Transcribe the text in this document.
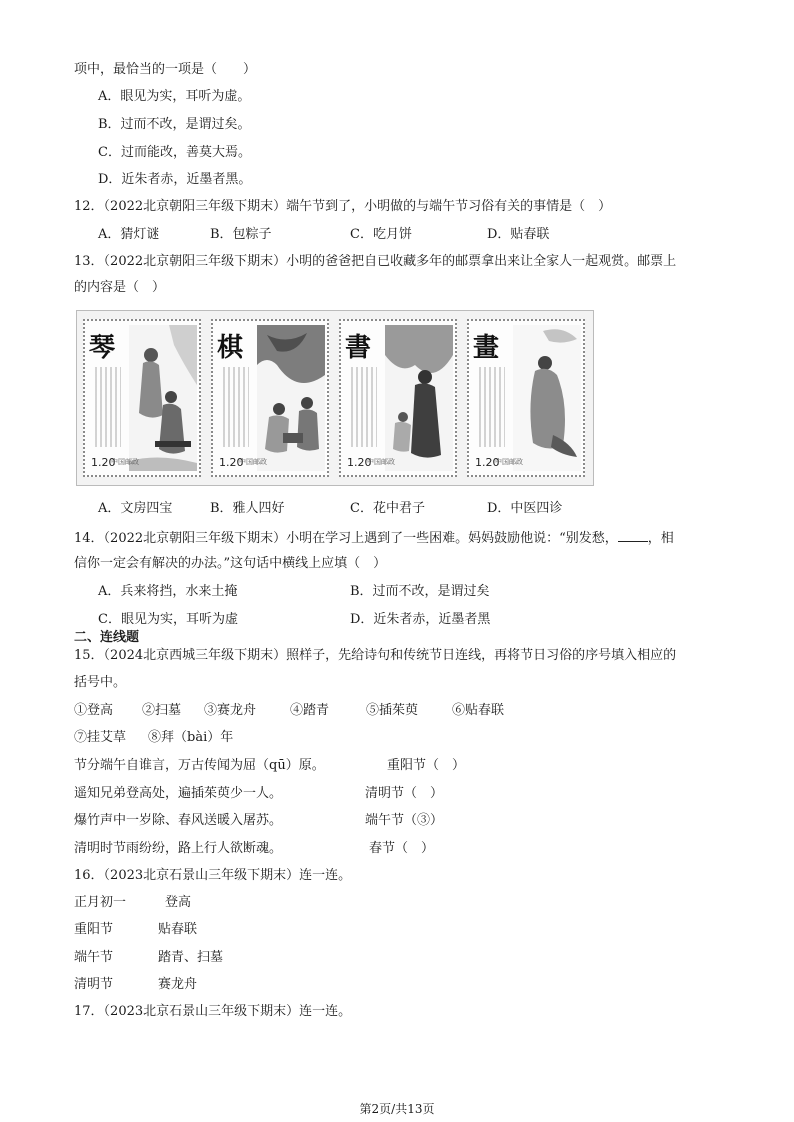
项中，最恰当的一项是（　　）
A．眼见为实，耳听为虚。
B．过而不改，是谓过矣。
C．过而能改，善莫大焉。
D．近朱者赤，近墨者黑。
12．（2022北京朝阳三年级下期末）端午节到了，小明做的与端午节习俗有关的事情是（　）
A．猜灯谜	B．包粽子	C．吃月饼	D．贴春联
13．（2022北京朝阳三年级下期末）小明的爸爸把自已收藏多年的邮票拿出来让全家人一起观赏。邮票上
的内容是（　）
琴
1.20
中国邮政
棋
1.20
中国邮政
書
1.20
中国邮政
畫
1.20
中国邮政
A．文房四宝	B．雅人四好	C．花中君子	D．中医四诊
14．（2022北京朝阳三年级下期末）小明在学习上遇到了一些困难。妈妈鼓励他说：“别发愁， ，相
信你一定会有解决的办法。”这句话中横线上应填（　）
A．兵来将挡，水来土掩	B．过而不改，是谓过矣
C．眼见为实，耳听为虚	D．近朱者赤，近墨者黑
二、连线题
15．（2024北京西城三年级下期末）照样子，先给诗句和传统节日连线，再将节日习俗的序号填入相应的
括号中。
①登高 ②扫墓 ③赛龙舟	④踏青	⑤插茱萸	⑥贴春联
⑦挂艾草 ⑧拜（bài）年
节分端午自谁言，万古传闻为屈（qū）原。	重阳节（　）
遥知兄弟登高处，遍插茱萸少一人。	清明节（　）
爆竹声中一岁除、春风送暖入屠苏。	端午节（③）
清明时节雨纷纷，路上行人欲断魂。	春节（　）
16．（2023北京石景山三年级下期末）连一连。
正月初一	登高
重阳节	贴春联
端午节	踏青、扫墓
清明节	赛龙舟
17．（2023北京石景山三年级下期末）连一连。
第2页/共13页
